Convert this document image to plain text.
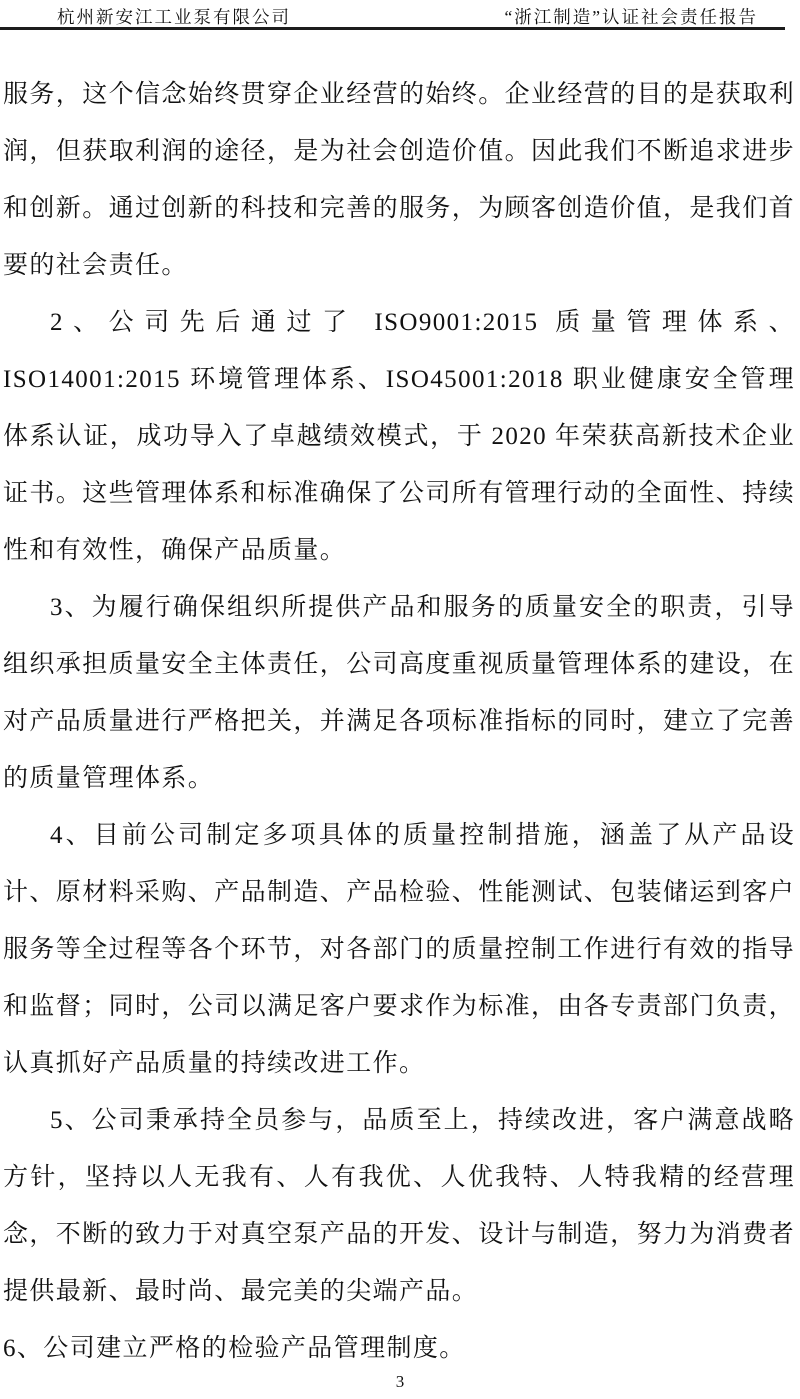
杭州新安江工业泵有限公司	“浙江制造”认证社会责任报告

服务，这个信念始终贯穿企业经营的始终。企业经营的目的是获取利润，但获取利润的途径，是为社会创造价值。因此我们不断追求进步和创新。通过创新的科技和完善的服务，为顾客创造价值，是我们首要的社会责任。

2、公司先后通过了 ISO9001:2015 质量管理体系、ISO14001:2015 环境管理体系、ISO45001:2018 职业健康安全管理体系认证，成功导入了卓越绩效模式，于 2020 年荣获高新技术企业证书。这些管理体系和标准确保了公司所有管理行动的全面性、持续性和有效性，确保产品质量。

3、为履行确保组织所提供产品和服务的质量安全的职责，引导组织承担质量安全主体责任，公司高度重视质量管理体系的建设，在对产品质量进行严格把关，并满足各项标准指标的同时，建立了完善的质量管理体系。

4、目前公司制定多项具体的质量控制措施，涵盖了从产品设计、原材料采购、产品制造、产品检验、性能测试、包装储运到客户服务等全过程等各个环节，对各部门的质量控制工作进行有效的指导和监督；同时，公司以满足客户要求作为标准，由各专责部门负责，认真抓好产品质量的持续改进工作。

5、公司秉承持全员参与，品质至上，持续改进，客户满意战略方针，坚持以人无我有、人有我优、人优我特、人特我精的经营理念，不断的致力于对真空泵产品的开发、设计与制造，努力为消费者提供最新、最时尚、最完美的尖端产品。

6、公司建立严格的检验产品管理制度。

3
